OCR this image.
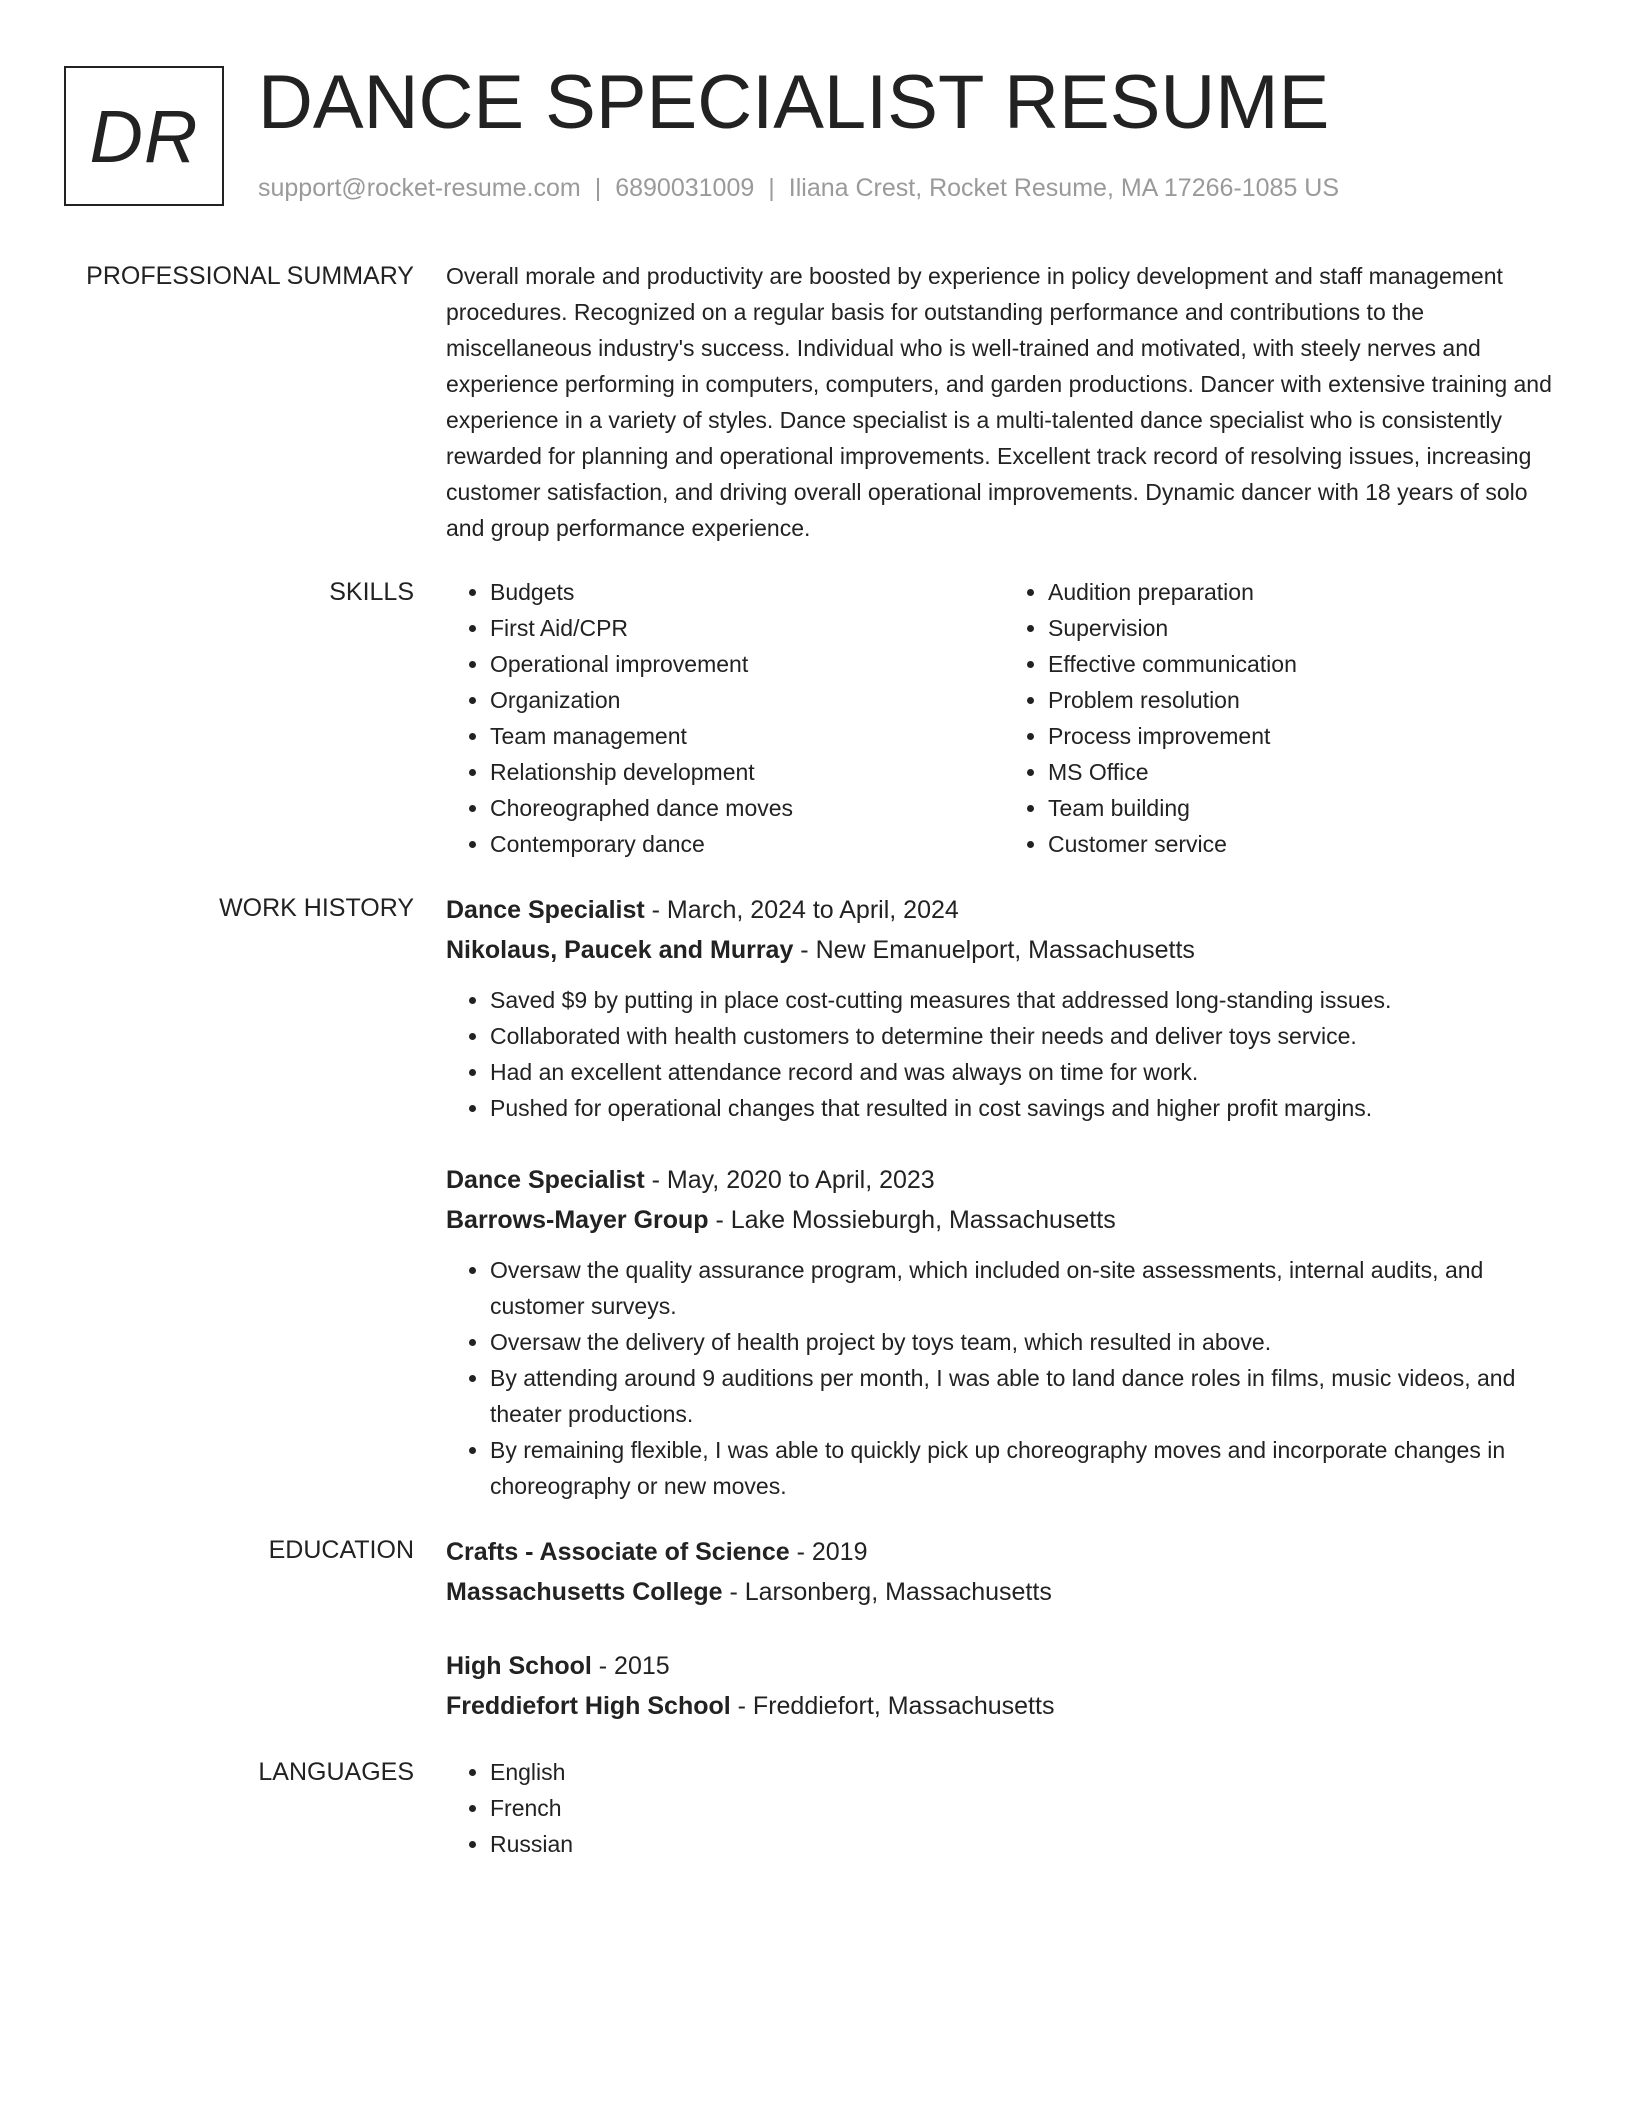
DR DANCE SPECIALIST RESUME
support@rocket-resume.com | 6890031009 | Iliana Crest, Rocket Resume, MA 17266-1085 US
PROFESSIONAL SUMMARY Overall morale and productivity are boosted by experience in policy development and staff management procedures. Recognized on a regular basis for outstanding performance and contributions to the miscellaneous industry's success. Individual who is well-trained and motivated, with steely nerves and experience performing in computers, computers, and garden productions. Dancer with extensive training and experience in a variety of styles. Dance specialist is a multi-talented dance specialist who is consistently rewarded for planning and operational improvements. Excellent track record of resolving issues, increasing customer satisfaction, and driving overall operational improvements. Dynamic dancer with 18 years of solo and group performance experience.

SKILLS	• Budgets
• First Aid/CPR
• Operational improvement
• Organization
• Team management
• Relationship development
• Choreographed dance moves
• Contemporary dance
• Audition preparation
• Supervision
• Effective communication
• Problem resolution
• Process improvement
• MS Office
• Team building
• Customer service
WORK HISTORY Dance Specialist - March, 2024 to April, 2024
Nikolaus, Paucek and Murray - New Emanuelport, Massachusetts
• Saved $9 by putting in place cost-cutting measures that addressed long-standing issues.
• Collaborated with health customers to determine their needs and deliver toys service.
• Had an excellent attendance record and was always on time for work.
• Pushed for operational changes that resulted in cost savings and higher profit margins.
Dance Specialist - May, 2020 to April, 2023
Barrows-Mayer Group - Lake Mossieburgh, Massachusetts
• Oversaw the quality assurance program, which included on-site assessments, internal audits, and customer surveys.
• Oversaw the delivery of health project by toys team, which resulted in above.
• By attending around 9 auditions per month, I was able to land dance roles in films, music videos, and theater productions.
• By remaining flexible, I was able to quickly pick up choreography moves and incorporate changes in choreography or new moves.
EDUCATION Crafts - Associate of Science - 2019
Massachusetts College - Larsonberg, Massachusetts
High School - 2015
Freddiefort High School - Freddiefort, Massachusetts
LANGUAGES	• English
• French
• Russian
